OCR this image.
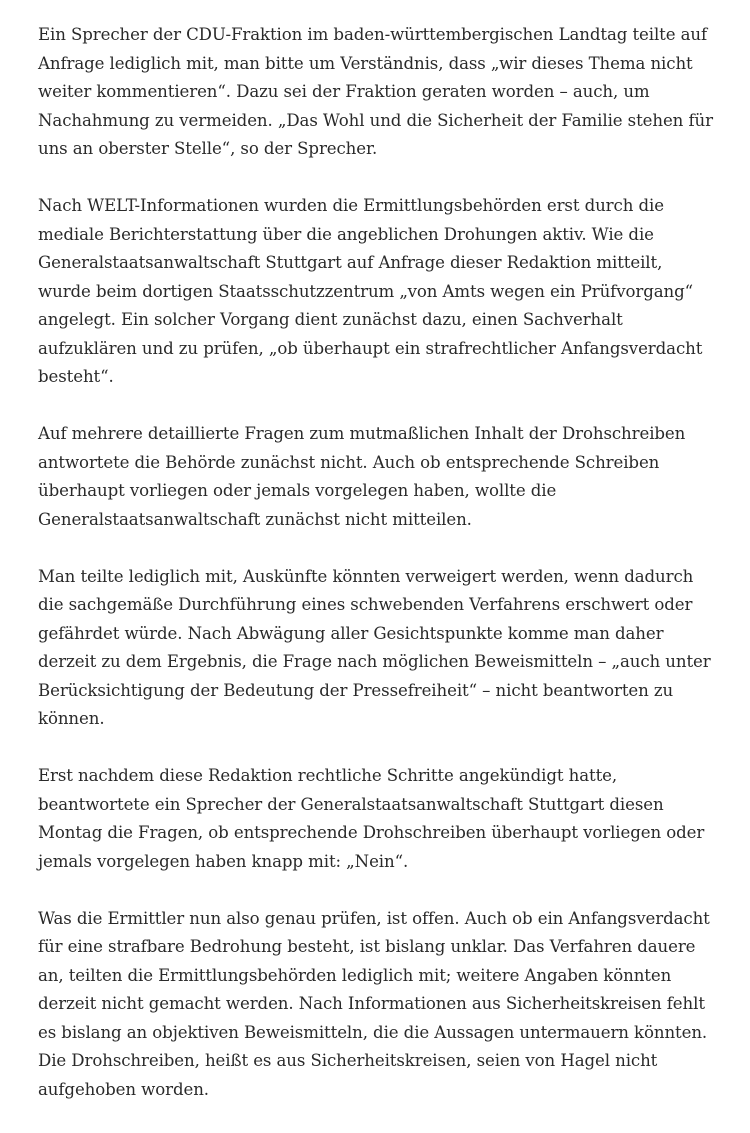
Ein Sprecher der CDU-Fraktion im baden-württembergischen Landtag teilte auf Anfrage lediglich mit, man bitte um Verständnis, dass „wir dieses Thema nicht weiter kommentieren“. Dazu sei der Fraktion geraten worden – auch, um Nachahmung zu vermeiden. „Das Wohl und die Sicherheit der Familie stehen für uns an oberster Stelle“, so der Sprecher.

Nach WELT-Informationen wurden die Ermittlungsbehörden erst durch die mediale Berichterstattung über die angeblichen Drohungen aktiv. Wie die Generalstaatsanwaltschaft Stuttgart auf Anfrage dieser Redaktion mitteilt, wurde beim dortigen Staatsschutzzentrum „von Amts wegen ein Prüfvorgang“ angelegt. Ein solcher Vorgang dient zunächst dazu, einen Sachverhalt aufzuklären und zu prüfen, „ob überhaupt ein strafrechtlicher Anfangsverdacht besteht“.

Auf mehrere detaillierte Fragen zum mutmaßlichen Inhalt der Drohschreiben antwortete die Behörde zunächst nicht. Auch ob entsprechende Schreiben überhaupt vorliegen oder jemals vorgelegen haben, wollte die Generalstaatsanwaltschaft zunächst nicht mitteilen.

Man teilte lediglich mit, Auskünfte könnten verweigert werden, wenn dadurch die sachgemäße Durchführung eines schwebenden Verfahrens erschwert oder gefährdet würde. Nach Abwägung aller Gesichtspunkte komme man daher derzeit zu dem Ergebnis, die Frage nach möglichen Beweismitteln – „auch unter Berücksichtigung der Bedeutung der Pressefreiheit“ – nicht beantworten zu können.

Erst nachdem diese Redaktion rechtliche Schritte angekündigt hatte, beantwortete ein Sprecher der Generalstaatsanwaltschaft Stuttgart diesen Montag die Fragen, ob entsprechende Drohschreiben überhaupt vorliegen oder jemals vorgelegen haben knapp mit: „Nein“.

Was die Ermittler nun also genau prüfen, ist offen. Auch ob ein Anfangsverdacht für eine strafbare Bedrohung besteht, ist bislang unklar. Das Verfahren dauere an, teilten die Ermittlungsbehörden lediglich mit; weitere Angaben könnten derzeit nicht gemacht werden. Nach Informationen aus Sicherheitskreisen fehlt es bislang an objektiven Beweismitteln, die die Aussagen untermauern könnten. Die Drohschreiben, heißt es aus Sicherheitskreisen, seien von Hagel nicht aufgehoben worden.
